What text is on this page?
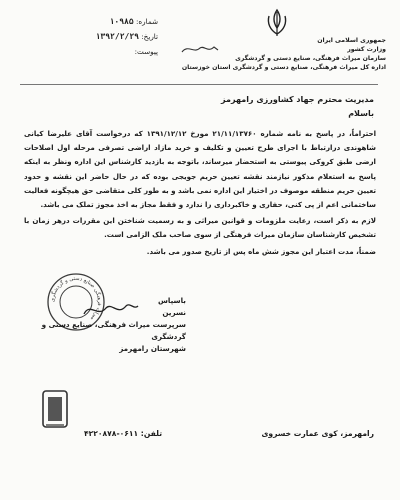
جمهوری اسلامی ایران
وزارت کشور
سازمان میراث فرهنگی، صنایع دستی و گردشگری
اداره کل میراث فرهنگی، صنایع دستی و گردشگری استان خوزستان
شماره: ۱۰۹۸۵
تاریخ: ۱۳۹۲/۲/۲۹
پیوست:
مدیریت محترم جهاد کشاورزی رامهرمز
باسلام

احتراماً، در پاسخ به نامه شماره ۲۱/۱۱/۱۳۷۶۰ مورخ ۱۳۹۱/۱۲/۱۲ که درخواست آقای علیرضا کیانی شاهوندی درارتباط با اجرای طرح تعیین و تکلیف و خرید مازاد اراضی تصرفی مرحله اول اصلاحات ارضی طبق کروکی پیوستی به استحضار میرساند، باتوجه به بازدید کارشناس این اداره ونظر به اینکه پاسخ به استعلام مذکور نیازمند نقشه تعیین حریم جویجی بوده که در حال حاضر این نقشه و حدود تعیین حریم منطقه موصوف در اختیار این اداره نمی باشد و به طور کلی متقاضی حق هیچگونه فعالیت ساختمانی اعم از پی کنی، حفاری و خاکبرداری را ندارد و فقط مجاز به اخذ مجوز تملک می باشد.

لازم به ذکر است، رعایت ملزومات و قوانین میراثی و به رسمیت شناختن این مقررات درهر زمان با تشخیص کارشناسان سازمان میراث فرهنگی از سوی صاحب ملک الزامی است.

ضمناً، مدت اعتبار این مجوز شش ماه پس از تاریخ صدور می باشد.

میراث فرهنگی صنایع دستی و گردشگری
باسپاس
نسرین
سرپرست میراث فرهنگی، صنایع دستی و گردشگری
شهرستان رامهرمز
تلفن: ۰۶۱۱-۴۲۲۰۸۷۸	رامهرمز، کوی عمارت خسروی
